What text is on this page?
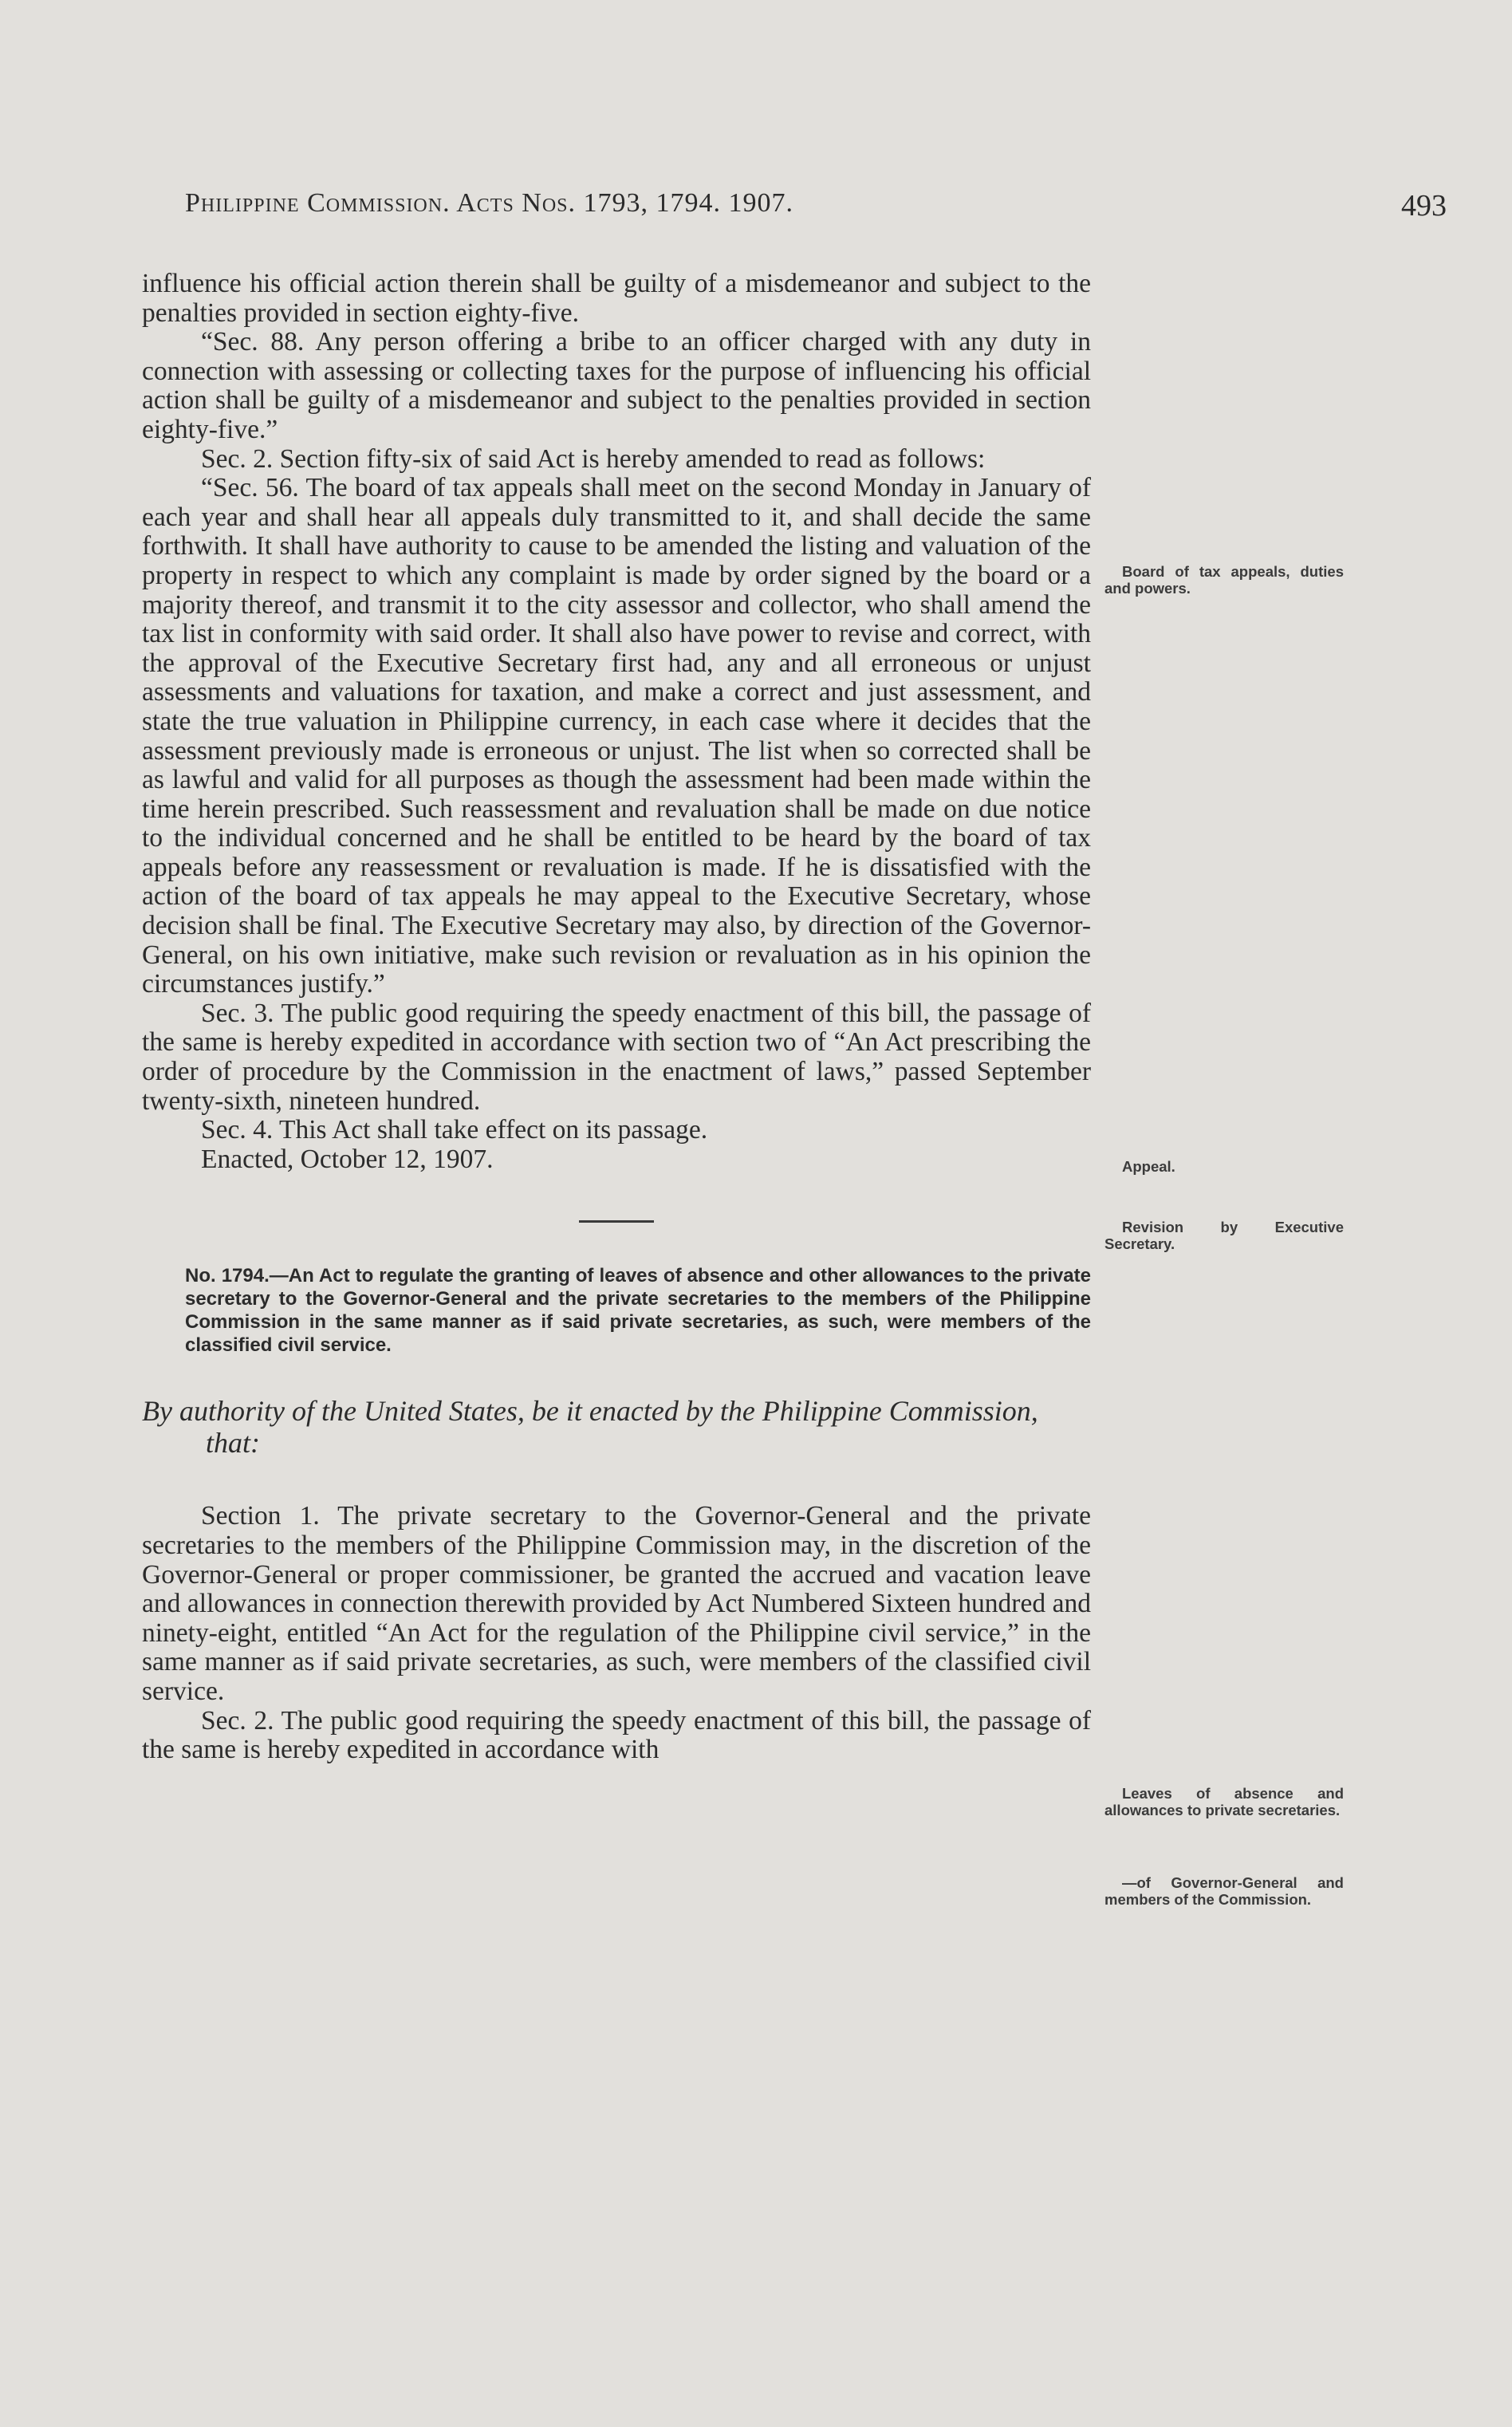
Philippine Commission. Acts Nos. 1793, 1794. 1907.	493

influence his official action therein shall be guilty of a misdemeanor and subject to the penalties provided in section eighty-five.

“Sec. 88. Any person offering a bribe to an officer charged with any duty in connection with assessing or collecting taxes for the purpose of influencing his official action shall be guilty of a misdemeanor and subject to the penalties provided in section eighty-five.”

Sec. 2. Section fifty-six of said Act is hereby amended to read as follows:

“Sec. 56. The board of tax appeals shall meet on the second Monday in January of each year and shall hear all appeals duly transmitted to it, and shall decide the same forthwith. It shall have authority to cause to be amended the listing and valuation of the property in respect to which any complaint is made by order signed by the board or a majority thereof, and transmit it to the city assessor and collector, who shall amend the tax list in conformity with said order. It shall also have power to revise and correct, with the approval of the Executive Secretary first had, any and all erroneous or unjust assessments and valuations for taxation, and make a correct and just assessment, and state the true valuation in Philippine currency, in each case where it decides that the assessment previously made is erroneous or unjust. The list when so corrected shall be as lawful and valid for all purposes as though the assessment had been made within the time herein prescribed. Such reassessment and revaluation shall be made on due notice to the individual concerned and he shall be entitled to be heard by the board of tax appeals before any reassessment or revaluation is made. If he is dissatisfied with the action of the board of tax appeals he may appeal to the Executive Secretary, whose decision shall be final. The Executive Secretary may also, by direction of the Governor-General, on his own initiative, make such revision or revaluation as in his opinion the circumstances justify.”

Sec. 3. The public good requiring the speedy enactment of this bill, the passage of the same is hereby expedited in accordance with section two of “An Act prescribing the order of procedure by the Commission in the enactment of laws,” passed September twenty-sixth, nineteen hundred.

Sec. 4. This Act shall take effect on its passage.

Enacted, October 12, 1907.

No. 1794.—An Act to regulate the granting of leaves of absence and other allowances to the private secretary to the Governor-General and the private secretaries to the members of the Philippine Commission in the same manner as if said private secretaries, as such, were members of the classified civil service.

By authority of the United States, be it enacted by the Philippine Commission, that:

Section 1. The private secretary to the Governor-General and the private secretaries to the members of the Philippine Commission may, in the discretion of the Governor-General or proper commissioner, be granted the accrued and vacation leave and allowances in connection therewith provided by Act Numbered Sixteen hundred and ninety-eight, entitled “An Act for the regulation of the Philippine civil service,” in the same manner as if said private secretaries, as such, were members of the classified civil service.

Sec. 2. The public good requiring the speedy enactment of this bill, the passage of the same is hereby expedited in accordance with

Board of tax appeals, duties and powers.
Appeal.
Revision by Executive Secretary.
Leaves of absence and allowances to private secretaries.
—of Governor-General and members of the Commission.
